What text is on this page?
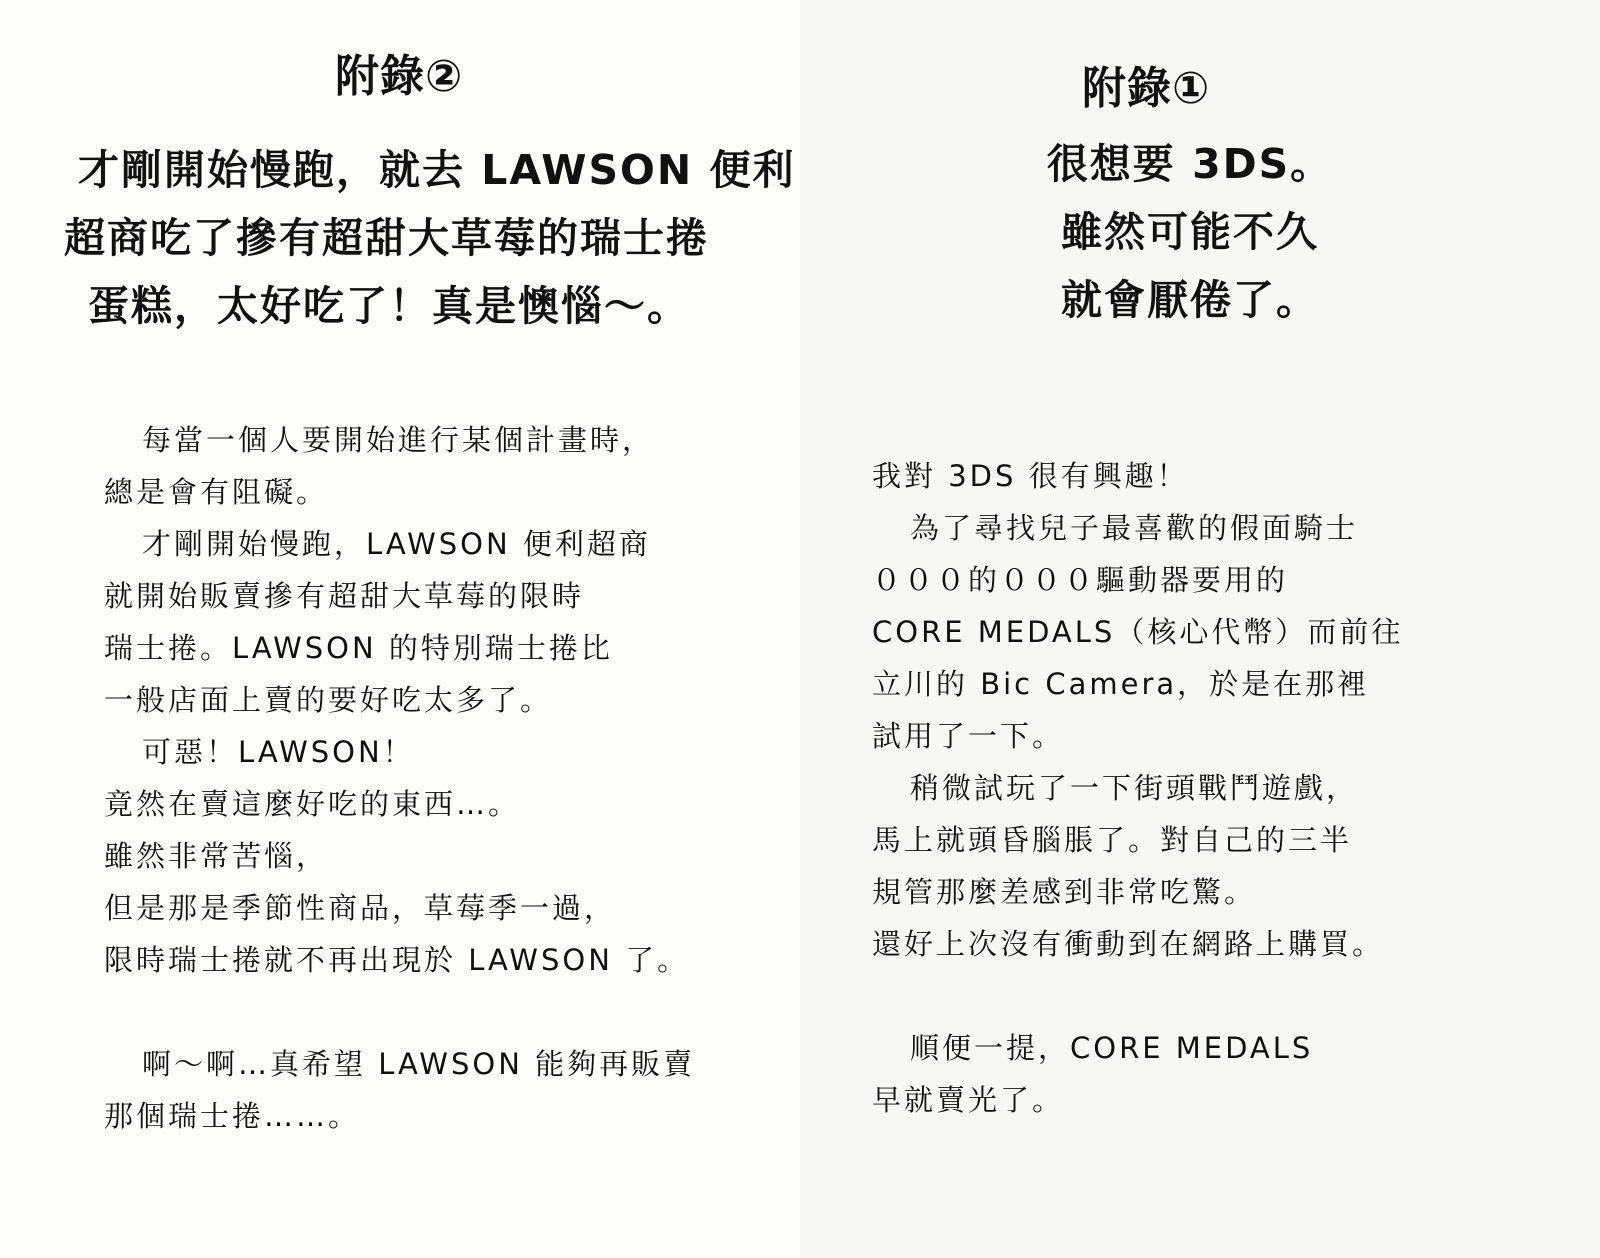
附錄②
才剛開始慢跑，就去 LAWSON 便利
超商吃了摻有超甜大草莓的瑞士捲
蛋糕，太好吃了！真是懊惱～。
每當一個人要開始進行某個計畫時，
總是會有阻礙。
才剛開始慢跑，LAWSON 便利超商
就開始販賣摻有超甜大草莓的限時
瑞士捲。LAWSON 的特別瑞士捲比
一般店面上賣的要好吃太多了。
可惡！LAWSON！
竟然在賣這麼好吃的東西…。
雖然非常苦惱，
但是那是季節性商品，草莓季一過，
限時瑞士捲就不再出現於 LAWSON 了。
啊～啊…真希望 LAWSON 能夠再販賣
那個瑞士捲……。
附錄①
很想要 3DS。
雖然可能不久
就會厭倦了。
我對 3DS 很有興趣！
為了尋找兒子最喜歡的假面騎士
０００的０００驅動器要用的
CORE MEDALS（核心代幣）而前往
立川的 Bic Camera，於是在那裡
試用了一下。
稍微試玩了一下街頭戰鬥遊戲，
馬上就頭昏腦脹了。對自己的三半
規管那麼差感到非常吃驚。
還好上次沒有衝動到在網路上購買。
順便一提，CORE MEDALS
早就賣光了。
